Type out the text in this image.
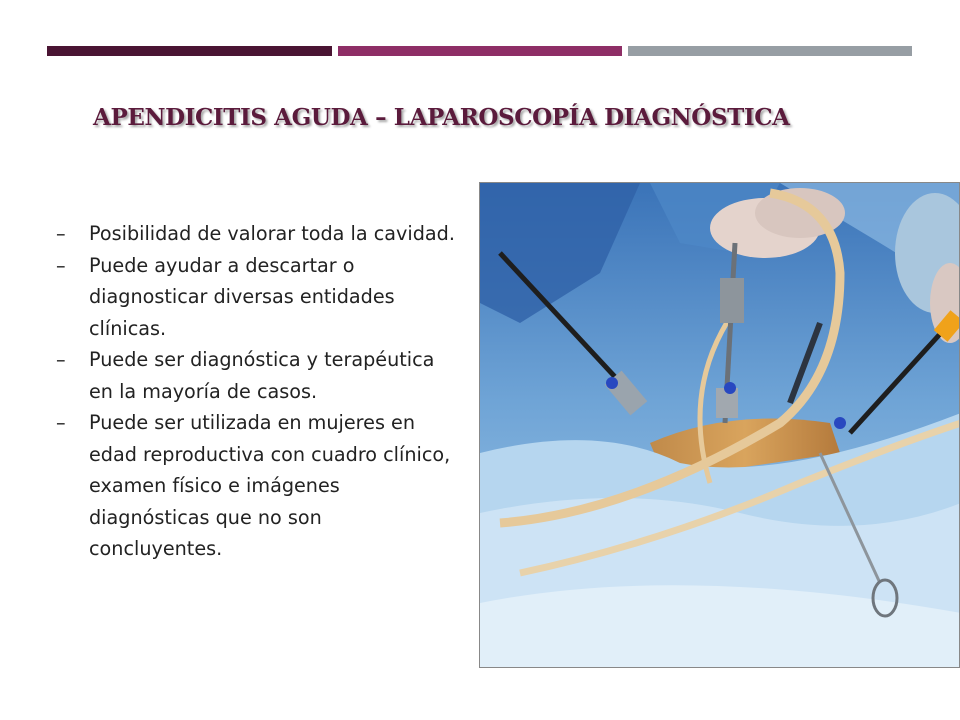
APENDICITIS AGUDA – LAPAROSCOPÍA DIAGNÓSTICA
– Posibilidad de valorar toda la cavidad.
– Puede ayudar a descartar o diagnosticar diversas entidades clínicas.
– Puede ser diagnóstica y terapéutica en la mayoría de casos.
– Puede ser utilizada en mujeres en edad reproductiva con cuadro clínico, examen físico e imágenes diagnósticas que no son concluyentes.
